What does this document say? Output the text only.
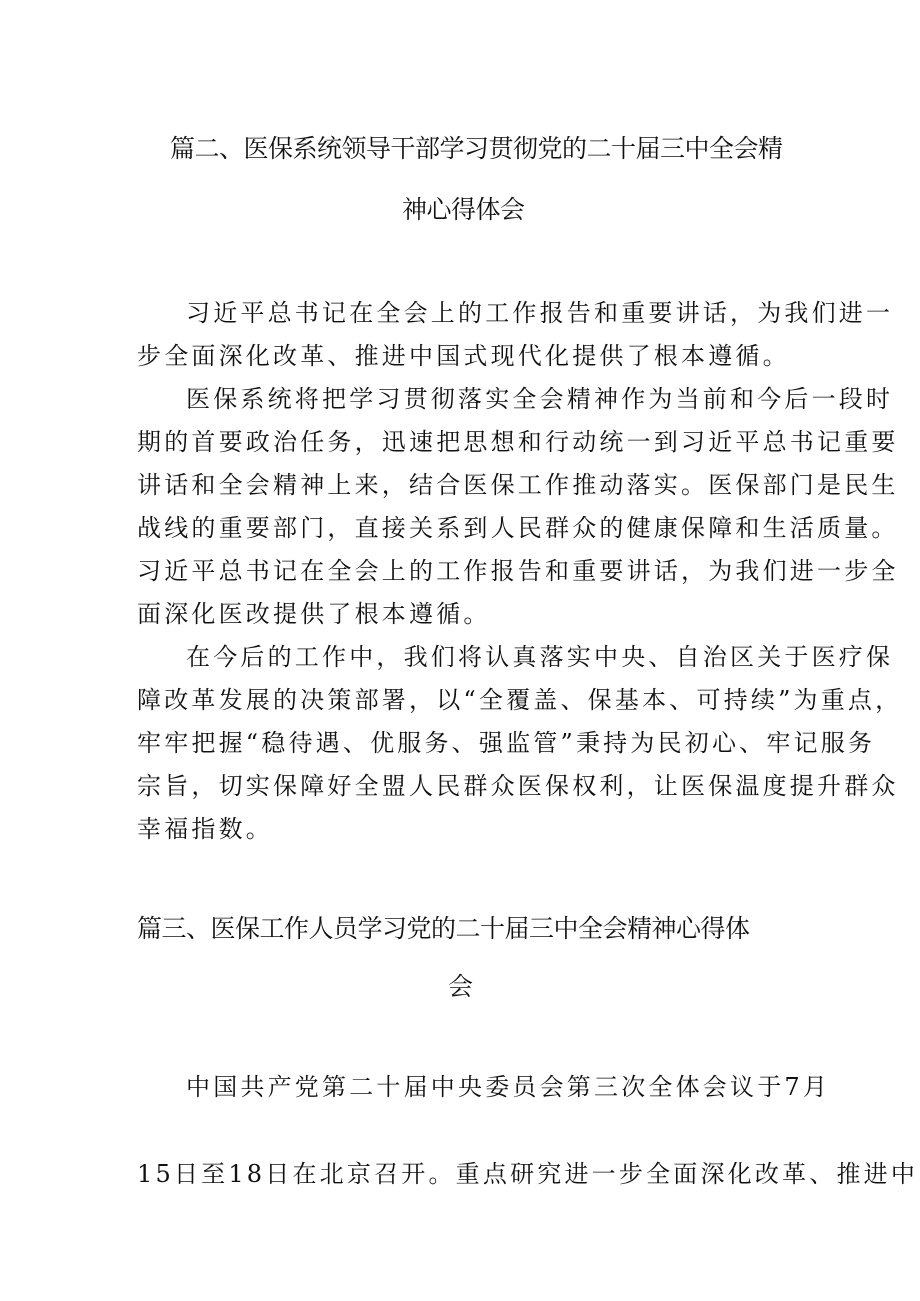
篇二、医保系统领导干部学习贯彻党的二十届三中全会精
神心得体会

习近平总书记在全会上的工作报告和重要讲话，为我们进一

步全面深化改革、推进中国式现代化提供了根本遵循。

医保系统将把学习贯彻落实全会精神作为当前和今后一段时

期的首要政治任务，迅速把思想和行动统一到习近平总书记重要

讲话和全会精神上来，结合医保工作推动落实。医保部门是民生

战线的重要部门，直接关系到人民群众的健康保障和生活质量。

习近平总书记在全会上的工作报告和重要讲话，为我们进一步全

面深化医改提供了根本遵循。

在今后的工作中，我们将认真落实中央、自治区关于医疗保

障改革发展的决策部署，以“全覆盖、保基本、可持续”为重点，

牢牢把握“稳待遇、优服务、强监管”秉持为民初心、牢记服务

宗旨，切实保障好全盟人民群众医保权利，让医保温度提升群众

幸福指数。

篇三、医保工作人员学习党的二十届三中全会精神心得体
会

中国共产党第二十届中央委员会第三次全体会议于7月

15日至18日在北京召开。重点研究进一步全面深化改革、推进中
